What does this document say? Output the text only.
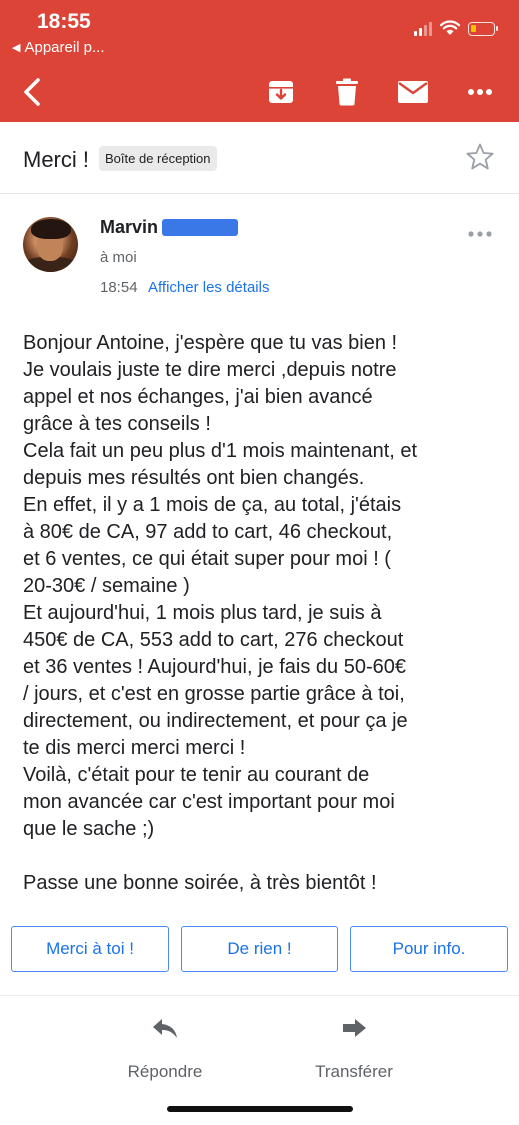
18:55
◀ Appareil p...
Merci !	Boîte de réception
Marvin
à moi
18:54 Afficher les détails

Bonjour Antoine, j'espère que tu vas bien !

Je voulais juste te dire merci ,depuis notre

appel et nos échanges, j'ai bien avancé

grâce à tes conseils !

Cela fait un peu plus d'1 mois maintenant, et

depuis mes résultés ont bien changés.

En effet, il y a 1 mois de ça, au total, j'étais

à 80€ de CA, 97 add to cart, 46 checkout,

et 6 ventes, ce qui était super pour moi ! (

20-30€ / semaine )

Et aujourd'hui, 1 mois plus tard, je suis à

450€ de CA, 553 add to cart, 276 checkout

et 36 ventes ! Aujourd'hui, je fais du 50-60€

/ jours, et c'est en grosse partie grâce à toi,

directement, ou indirectement, et pour ça je

te dis merci merci merci !

Voilà, c'était pour te tenir au courant de

mon avancée car c'est important pour moi

que le sache ;)

Passe une bonne soirée, à très bientôt !

Merci à toi !	De rien !	Pour info.
Répondre	Transférer
